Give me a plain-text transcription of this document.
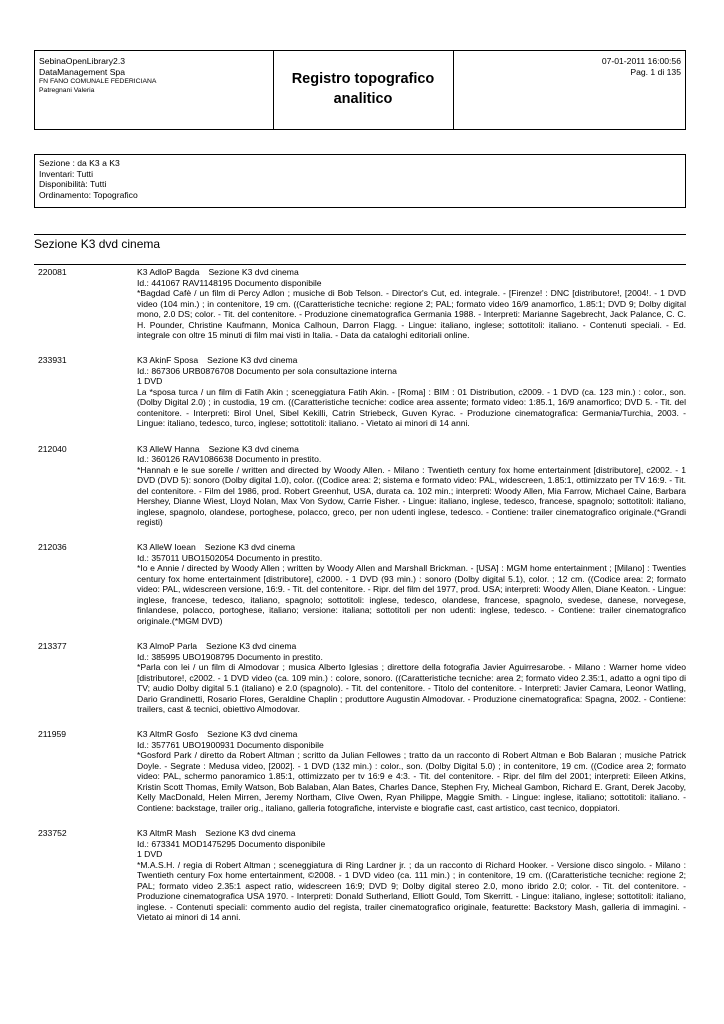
SebinaOpenLibrary2.3
DataManagement Spa
FN FANO COMUNALE FEDERICIANA
Patregnani Valeria
Registro topografico
analitico
07-01-2011 16:00:56
Pag. 1 di 135
Sezione : da K3 a K3
Inventari: Tutti
Disponibilità: Tutti
Ordinamento: Topografico
Sezione K3 dvd cinema
220081	K3 AdloP Bagda Sezione K3 dvd cinema
Id.: 441067 RAV1148195 Documento disponibile
*Bagdad Cafè / un film di Percy Adlon ; musiche di Bob Telson. - Director's Cut, ed. integrale. - [Firenze! : DNC [distributore!, [2004!. - 1 DVD video (104 min.) ; in contenitore, 19 cm. ((Caratteristiche tecniche: regione 2; PAL; formato video 16/9 anamorfico, 1.85:1; DVD 9; Dolby digital mono, 2.0 DS; color. - Tit. del contenitore. - Produzione cinematografica Germania 1988. - Interpreti: Marianne Sagebrecht, Jack Palance, C. C. H. Pounder, Christine Kaufmann, Monica Calhoun, Darron Flagg. - Lingue: italiano, inglese; sottotitoli: italiano. - Contenuti speciali. - Ed. integrale con oltre 15 minuti di film mai visti in Italia. - Data da cataloghi editoriali online.
233931	K3 AkinF Sposa Sezione K3 dvd cinema
Id.: 867306 URB0876708 Documento per sola consultazione interna
1 DVD
La *sposa turca / un film di Fatih Akin ; sceneggiatura Fatih Akin. - [Roma] : BIM : 01 Distribution, c2009. - 1 DVD (ca. 123 min.) : color., son. (Dolby Digital 2.0) ; in custodia, 19 cm. ((Caratteristiche tecniche: codice area assente; formato video: 1:85.1, 16/9 anamorfico; DVD 5. - Tit. del contenitore. - Interpreti: Birol Unel, Sibel Kekilli, Catrin Striebeck, Guven Kyrac. - Produzione cinematografica: Germania/Turchia, 2003. - Lingue: italiano, tedesco, turco, inglese; sottotitoli: italiano. - Vietato ai minori di 14 anni.
212040	K3 AlleW Hanna Sezione K3 dvd cinema
Id.: 360126 RAV1086638 Documento in prestito.
*Hannah e le sue sorelle / written and directed by Woody Allen. - Milano : Twentieth century fox home entertainment [distributore], c2002. - 1 DVD (DVD 5): sonoro (Dolby digital 1.0), color. ((Codice area: 2; sistema e formato video: PAL, widescreen, 1.85:1, ottimizzato per TV 16:9. - Tit. del contenitore. - Film del 1986, prod. Robert Greenhut, USA, durata ca. 102 min.; interpreti: Woody Allen, Mia Farrow, Michael Caine, Barbara Hershey, Dianne Wiest, Lloyd Nolan, Max Von Sydow, Carrie Fisher. - Lingue: italiano, inglese, tedesco, francese, spagnolo; sottotitoli: italiano, inglese, spagnolo, olandese, portoghese, polacco, greco, per non udenti inglese, tedesco. - Contiene: trailer cinematografico originale.(*Grandi registi)
212036	K3 AlleW Ioean Sezione K3 dvd cinema
Id.: 357011 UBO1502054 Documento in prestito.
*Io e Annie / directed by Woody Allen ; written by Woody Allen and Marshall Brickman. - [USA] : MGM home entertainment ; [Milano] : Twenties century fox home entertainment [distributore], c2000. - 1 DVD (93 min.) : sonoro (Dolby digital 5.1), color. ; 12 cm. ((Codice area: 2; formato video: PAL, widescreen versione, 16:9. - Tit. del contenitore. - Ripr. del film del 1977, prod. USA; interpreti: Woody Allen, Diane Keaton. - Lingue: inglese, francese, tedesco, italiano, spagnolo; sottotitoli: inglese, tedesco, olandese, francese, spagnolo, svedese, danese, norvegese, finlandese, polacco, portoghese, italiano; versione: italiana; sottotitoli per non udenti: inglese, tedesco. - Contiene: trailer cinematografico originale.(*MGM DVD)
213377	K3 AlmoP Parla Sezione K3 dvd cinema
Id.: 385995 UBO1908795 Documento in prestito.
*Parla con lei / un film di Almodovar ; musica Alberto Iglesias ; direttore della fotografia Javier Aguirresarobe. - Milano : Warner home video [distributore!, c2002. - 1 DVD video (ca. 109 min.) : colore, sonoro. ((Caratteristiche tecniche: area 2; formato video 2.35:1, adatto a ogni tipo di TV; audio Dolby digital 5.1 (italiano) e 2.0 (spagnolo). - Tit. del contenitore. - Titolo del contenitore. - Interpreti: Javier Camara, Leonor Watling, Dario Grandinetti, Rosario Flores, Geraldine Chaplin ; produttore Augustin Almodovar. - Produzione cinematografica: Spagna, 2002. - Contiene: trailers, cast & tecnici, obiettivo Almodovar.
211959	K3 AltmR Gosfo Sezione K3 dvd cinema
Id.: 357761 UBO1900931 Documento disponibile
*Gosford Park / diretto da Robert Altman ; scritto da Julian Fellowes ; tratto da un racconto di Robert Altman e Bob Balaran ; musiche Patrick Doyle. - Segrate : Medusa video, [2002]. - 1 DVD (132 min.) : color., son. (Dolby Digital 5.0) ; in contenitore, 19 cm. ((Codice area 2; formato video: PAL, schermo panoramico 1.85:1, ottimizzato per tv 16:9 e 4:3. - Tit. del contenitore. - Ripr. del film del 2001; interpreti: Eileen Atkins, Kristin Scott Thomas, Emily Watson, Bob Balaban, Alan Bates, Charles Dance, Stephen Fry, Micheal Gambon, Richard E. Grant, Derek Jacoby, Kelly MacDonald, Helen Mirren, Jeremy Northam, Clive Owen, Ryan Philippe, Maggie Smith. - Lingue: inglese, italiano; sottotitoli: italiano. - Contiene: backstage, trailer orig., italiano, galleria fotografiche, interviste e biografie cast, cast artistico, cast tecnico, doppiatori.
233752	K3 AltmR Mash Sezione K3 dvd cinema
Id.: 673341 MOD1475295 Documento disponibile
1 DVD
*M.A.S.H. / regia di Robert Altman ; sceneggiatura di Ring Lardner jr. ; da un racconto di Richard Hooker. - Versione disco singolo. - Milano : Twentieth century Fox home entertainment, ©2008. - 1 DVD video (ca. 111 min.) ; in contenitore, 19 cm. ((Caratteristiche tecniche: regione 2; PAL; formato video 2.35:1 aspect ratio, widescreen 16:9; DVD 9; Dolby digital stereo 2.0, mono ibrido 2.0; color. - Tit. del contenitore. - Produzione cinematografica USA 1970. - Interpreti: Donald Sutherland, Elliott Gould, Tom Skerritt. - Lingue: italiano, inglese; sottotitoli: italiano, inglese. - Contenuti speciali: commento audio del regista, trailer cinematografico originale, featurette: Backstory Mash, galleria di immagini. - Vietato ai minori di 14 anni.
